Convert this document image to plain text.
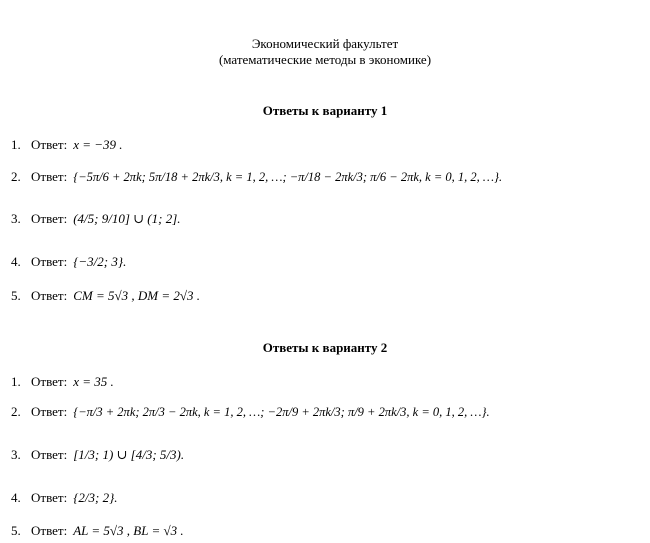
Экономический факультет
(математические методы в экономике)
Ответы к варианту 1
1. Ответ: x = −39 .
2. Ответ: {−5π/6 + 2πk; 5π/18 + 2πk/3, k = 1, 2, …; −π/18 − 2πk/3; π/6 − 2πk, k = 0, 1, 2, …}.
3. Ответ: (4/5; 9/10] ∪ (1; 2].
4. Ответ: {−3/2; 3}.
5. Ответ: CM = 5√3 , DM = 2√3 .
Ответы к варианту 2
1. Ответ: x = 35 .
2. Ответ: {−π/3 + 2πk; 2π/3 − 2πk, k = 1, 2, …; −2π/9 + 2πk/3; π/9 + 2πk/3, k = 0, 1, 2, …}.
3. Ответ: [1/3; 1) ∪ [4/3; 5/3).
4. Ответ: {2/3; 2}.
5. Ответ: AL = 5√3 , BL = √3 .
